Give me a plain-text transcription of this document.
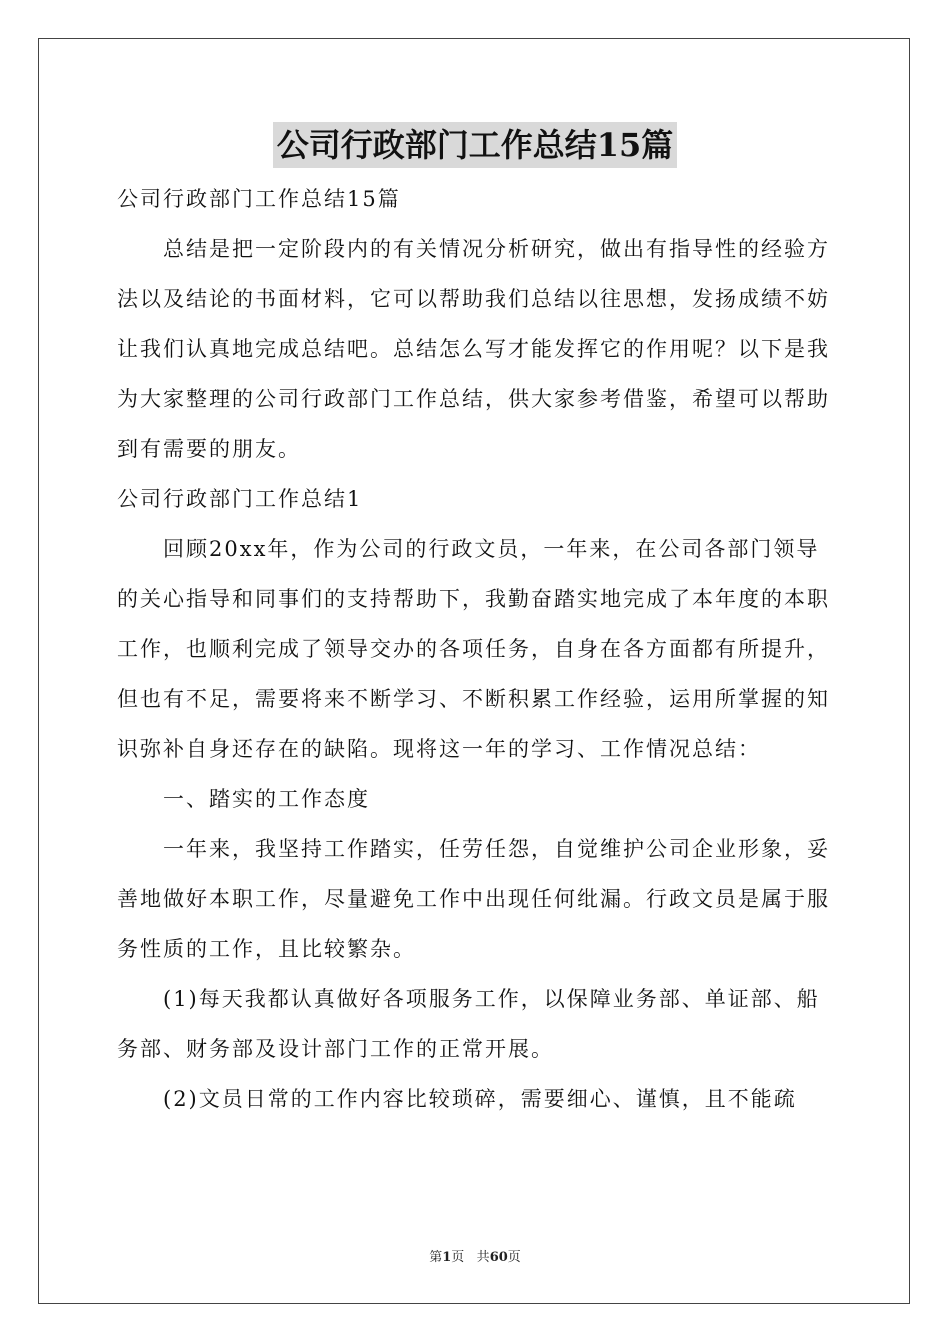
公司行政部门工作总结15篇

公司行政部门工作总结15篇

总结是把一定阶段内的有关情况分析研究，做出有指导性的经验方法以及结论的书面材料，它可以帮助我们总结以往思想，发扬成绩不妨让我们认真地完成总结吧。总结怎么写才能发挥它的作用呢？以下是我为大家整理的公司行政部门工作总结，供大家参考借鉴，希望可以帮助到有需要的朋友。

公司行政部门工作总结1

回顾20xx年，作为公司的行政文员，一年来，在公司各部门领导的关心指导和同事们的支持帮助下，我勤奋踏实地完成了本年度的本职工作，也顺利完成了领导交办的各项任务，自身在各方面都有所提升，但也有不足，需要将来不断学习、不断积累工作经验，运用所掌握的知识弥补自身还存在的缺陷。现将这一年的学习、工作情况总结：

一、踏实的工作态度

一年来，我坚持工作踏实，任劳任怨，自觉维护公司企业形象，妥善地做好本职工作，尽量避免工作中出现任何纰漏。行政文员是属于服务性质的工作，且比较繁杂。

(1)每天我都认真做好各项服务工作，以保障业务部、单证部、船务部、财务部及设计部门工作的正常开展。

(2)文员日常的工作内容比较琐碎，需要细心、谨慎，且不能疏

第1页 共60页
